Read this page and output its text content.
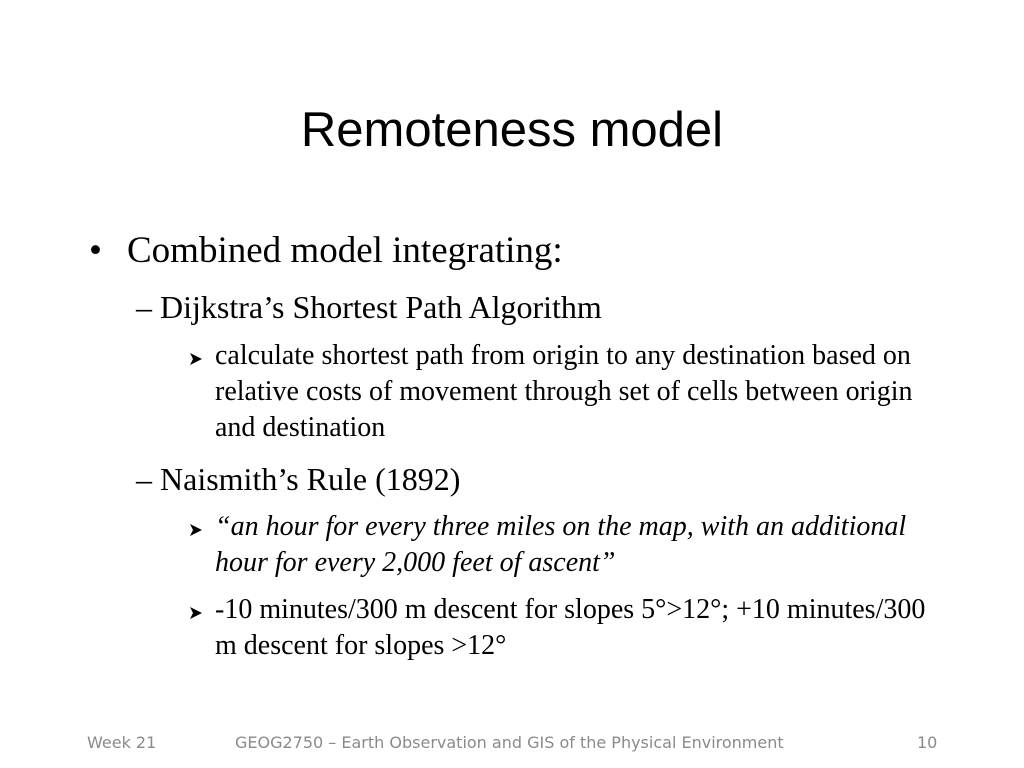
Remoteness model
• Combined model integrating:
– Dijkstra’s Shortest Path Algorithm
calculate shortest path from origin to any destination based on relative costs of movement through set of cells between origin and destination
– Naismith’s Rule (1892)
“an hour for every three miles on the map, with an additional hour for every 2,000 feet of ascent”
-10 minutes/300 m descent for slopes 5°>12°; +10 minutes/300 m descent for slopes >12°
Week 21	GEOG2750 – Earth Observation and GIS of the Physical Environment	10
